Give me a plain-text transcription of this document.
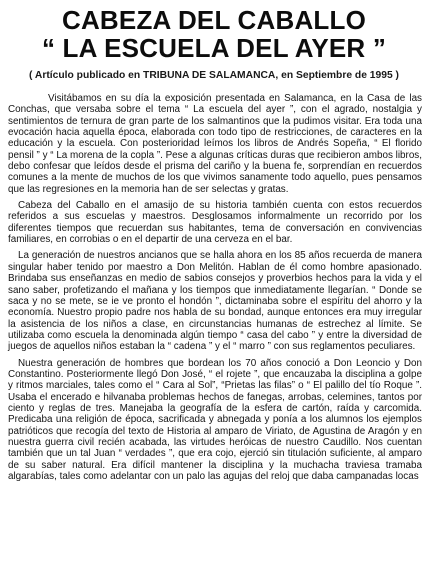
CABEZA DEL CABALLO
“ LA ESCUELA DEL AYER ”

( Artículo publicado en TRIBUNA DE SALAMANCA, en Septiembre de 1995 )

Visitábamos en su día la exposición presentada en Salamanca, en la Casa de las Conchas, que versaba sobre el tema “ La escuela del ayer ”, con el agrado, nostalgia y sentimientos de ternura de gran parte de los salmantinos que la pudimos visitar. Era toda una evocación hacia aquella época, elaborada con todo tipo de restricciones, de caracteres en la educación y la escuela. Con posterioridad leímos los libros de Andrés Sopeña, “ El florido pensil ” y “ La morena de la copla ”. Pese a algunas críticas duras que recibieron ambos libros, debo confesar que leídos desde el prisma del cariño y la buena fe, sorprendían en recuerdos comunes a la mente de muchos de los que vivimos sanamente todo aquello, pues pensamos que las regresiones en la memoria han de ser selectas y gratas.

Cabeza del Caballo en el amasijo de su historia también cuenta con estos recuerdos referidos a sus escuelas y maestros. Desglosamos informalmente un recorrido por los diferentes tiempos que recuerdan sus habitantes, tema de conversación en convivencias familiares, en corrobias o en el departir de una cerveza en el bar.

La generación de nuestros ancianos que se halla ahora en los 85 años recuerda de manera singular haber tenido por maestro a Don Melitón. Hablan de él como hombre apasionado. Brindaba sus enseñanzas en medio de sabios consejos y proverbios hechos para la vida y el sano saber, profetizando el mañana y los tiempos que inmediatamente llegarían. “ Donde se saca y no se mete, se ie ve pronto el hondón ”, dictaminaba sobre el espíritu del ahorro y la economía. Nuestro propio padre nos habla de su bondad, aunque entonces era muy irregular la asistencia de los niños a clase, en circunstancias humanas de estrechez al límite. Se utilizaba como escuela la denominada algún tiempo “ casa del cabo ” y entre la diversidad de juegos de aquellos niños estaban la “ cadena ” y el “ marro ” con sus reglamentos peculiares.

Nuestra generación de hombres que bordean los 70 años conoció a Don Leoncio y Don Constantino. Posteriormente llegó Don José, “ el rojete ”, que encauzaba la disciplina a golpe y ritmos marciales, tales como el “ Cara al Sol”, “Prietas las filas” o “ El palillo del tío Roque ”. Usaba el encerado e hilvanaba problemas hechos de fanegas, arrobas, celemines, tantos por ciento y reglas de tres. Manejaba la geografía de la esfera de cartón, raída y carcomida. Predicaba una religión de época, sacrificada y abnegada y ponía a los alumnos los ejemplos patrióticos que recogía del texto de Historia al amparo de Viriato, de Agustina de Aragón y en nuestra guerra civil recién acabada, las virtudes heróicas de nuestro Caudillo. Nos cuentan también que un tal Juan “ verdades ”, que era cojo, ejerció sin titulación suficiente, al amparo de su saber natural. Era difícil mantener la disciplina y la muchacha traviesa tramaba algarabías, tales como adelantar con un palo las agujas del reloj que daba campanadas locas
